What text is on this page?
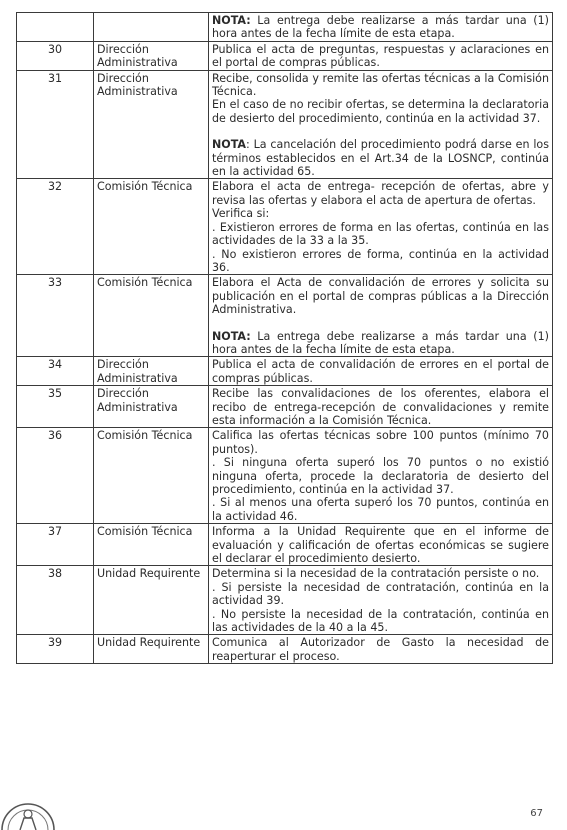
		NOTA: La entrega debe realizarse a más tardar una (1) hora antes de la fecha límite de esta etapa.

30	Dirección Administrativa	Publica el acta de preguntas, respuestas y aclaraciones en el portal de compras públicas.

31	Dirección Administrativa	Recibe, consolida y remite las ofertas técnicas a la Comisión Técnica.
En el caso de no recibir ofertas, se determina la declaratoria de desierto del procedimiento, continúa en la actividad 37.
NOTA: La cancelación del procedimiento podrá darse en los términos establecidos en el Art.34 de la LOSNCP, continúa en la actividad 65.

32	Comisión Técnica	Elabora el acta de entrega- recepción de ofertas, abre y revisa las ofertas y elabora el acta de apertura de ofertas.
Verifica si:
. Existieron errores de forma en las ofertas, continúa en las actividades de la 33 a la 35.
. No existieron errores de forma, continúa en la actividad 36.

33	Comisión Técnica	Elabora el Acta de convalidación de errores y solicita su publicación en el portal de compras públicas a la Dirección Administrativa.
NOTA: La entrega debe realizarse a más tardar una (1) hora antes de la fecha límite de esta etapa.

34	Dirección Administrativa	Publica el acta de convalidación de errores en el portal de compras públicas.

35	Dirección Administrativa	Recibe las convalidaciones de los oferentes, elabora el recibo de entrega-recepción de convalidaciones y remite esta información a la Comisión Técnica.

36	Comisión Técnica	Califica las ofertas técnicas sobre 100 puntos (mínimo 70 puntos).
. Si ninguna oferta superó los 70 puntos o no existió ninguna oferta, procede la declaratoria de desierto del procedimiento, continúa en la actividad 37.
. Si al menos una oferta superó los 70 puntos, continúa en la actividad 46.

37	Comisión Técnica	Informa a la Unidad Requirente que en el informe de evaluación y calificación de ofertas económicas se sugiere el declarar el procedimiento desierto.

38	Unidad Requirente	Determina si la necesidad de la contratación persiste o no.
. Si persiste la necesidad de contratación, continúa en la actividad 39.
. No persiste la necesidad de la contratación, continúa en las actividades de la 40 a la 45.

39	Unidad Requirente	Comunica al Autorizador de Gasto la necesidad de reaperturar el proceso.
67
